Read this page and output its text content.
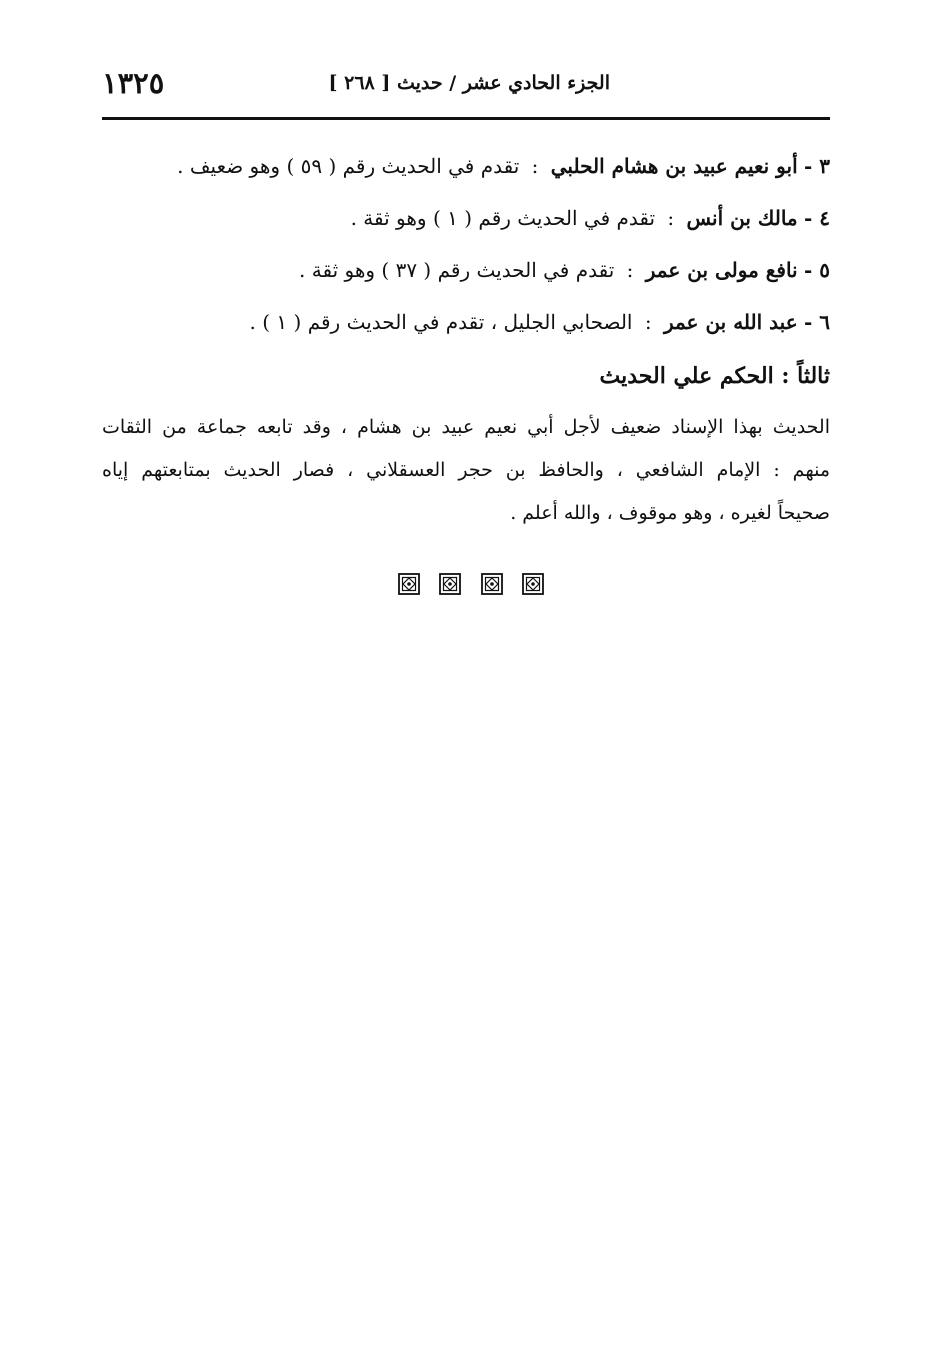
الجزء الحادي عشر / حديث [ ٢٦٨ ]
١٣٢٥
٣ - أبو نعيم عبيد بن هشام الحلبي : تقدم في الحديث رقم ( ٥٩ ) وهو ضعيف .
٤ - مالك بن أنس : تقدم في الحديث رقم ( ١ ) وهو ثقة .
٥ - نافع مولى بن عمر : تقدم في الحديث رقم ( ٣٧ ) وهو ثقة .
٦ - عبد الله بن عمر : الصحابي الجليل ، تقدم في الحديث رقم ( ١ ) .
ثالثاً : الحكم علي الحديث
الحديث بهذا الإسناد ضعيف لأجل أبي نعيم عبيد بن هشام ، وقد تابعه جماعة من الثقات
منهم : الإمام الشافعي ، والحافظ بن حجر العسقلاني ، فصار الحديث بمتابعتهم إياه
صحيحاً لغيره ، وهو موقوف ، والله أعلم .
